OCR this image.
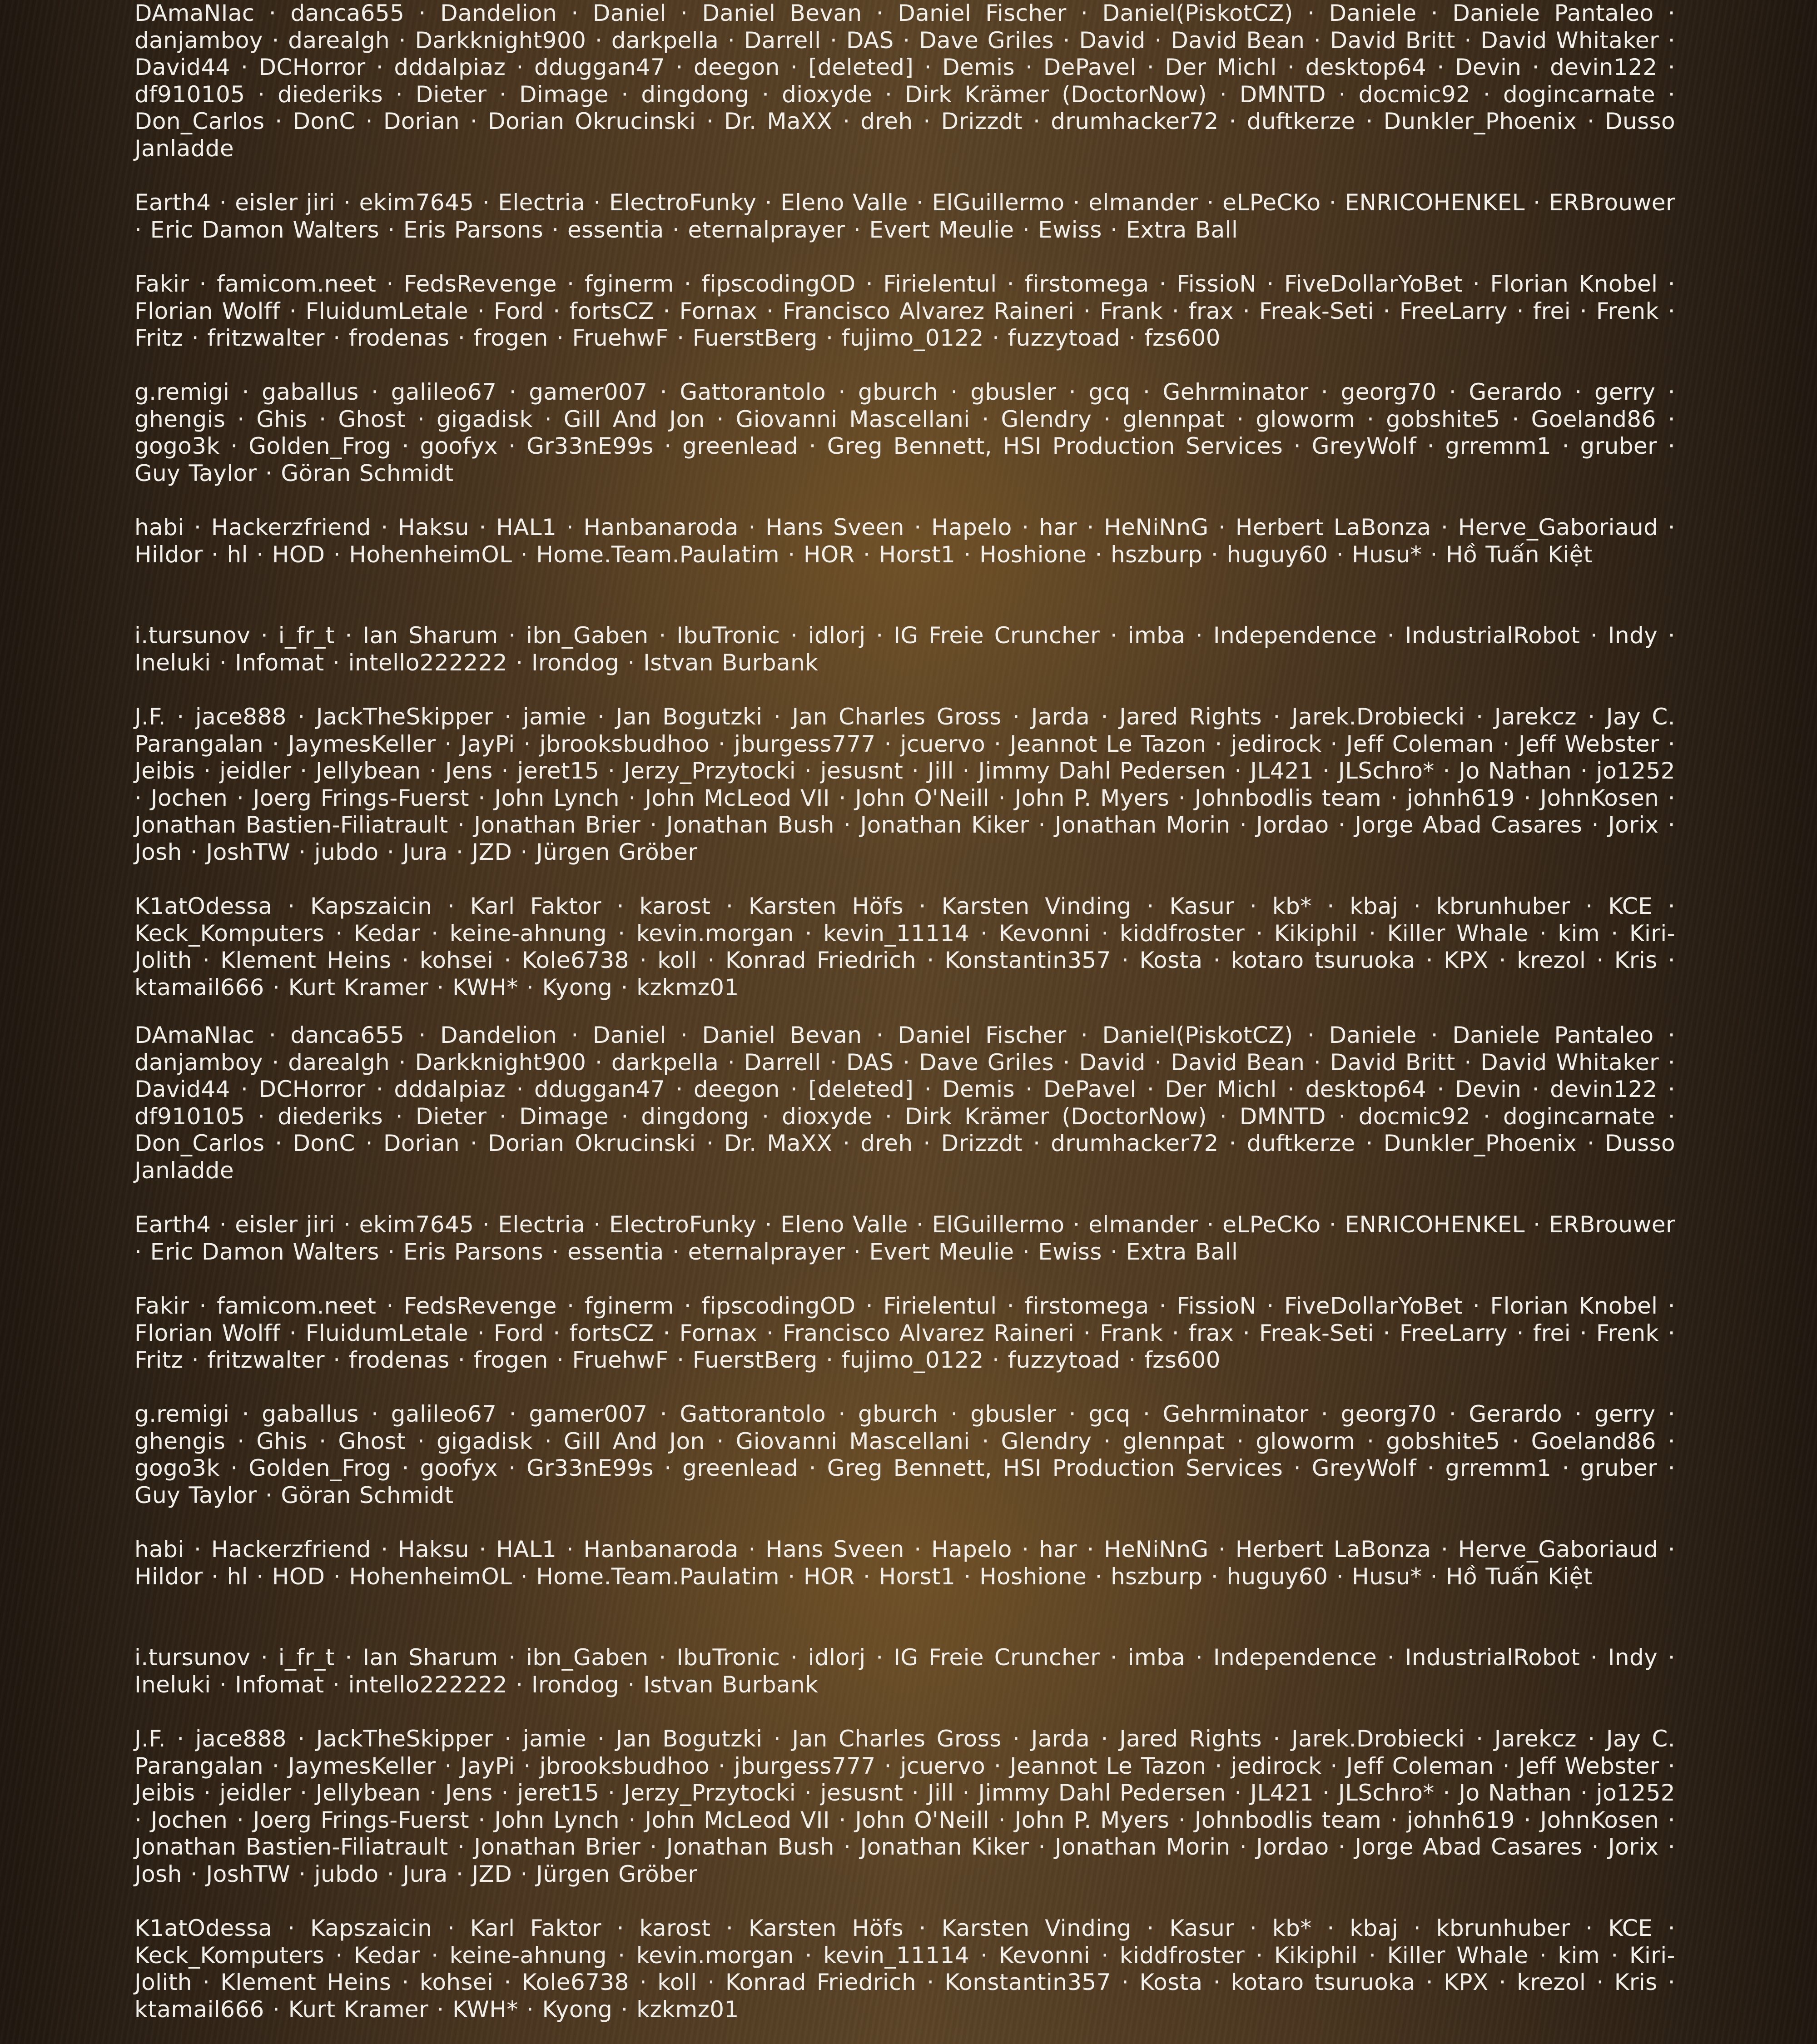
DAmaNIac · danca655 · Dandelion · Daniel · Daniel Bevan · Daniel Fischer · Daniel(PiskotCZ) · Daniele · Daniele Pantaleo · danjamboy · darealgh · Darkknight900 · darkpella · Darrell · DAS · Dave Griles · David · David Bean · David Britt · David Whitaker · David44 · DCHorror · dddalpiaz · dduggan47 · deegon · [deleted] · Demis · DePavel · Der Michl · desktop64 · Devin · devin122 · df910105 · diederiks · Dieter · Dimage · dingdong · dioxyde · Dirk Krämer (DoctorNow) · DMNTD · docmic92 · dogincarnate · Don_Carlos · DonC · Dorian · Dorian Okrucinski · Dr. MaXX · dreh · Drizzdt · drumhacker72 · duftkerze · Dunkler_Phoenix · Dusso Janladde
Earth4 · eisler jiri · ekim7645 · Electria · ElectroFunky · Eleno Valle · ElGuillermo · elmander · eLPeCKo · ENRICOHENKEL · ERBrouwer · Eric Damon Walters · Eris Parsons · essentia · eternalprayer · Evert Meulie · Ewiss · Extra Ball
Fakir · famicom.neet · FedsRevenge · fginerm · fipscodingOD · Firielentul · firstomega · FissioN · FiveDollarYoBet · Florian Knobel · Florian Wolff · FluidumLetale · Ford · fortsCZ · Fornax · Francisco Alvarez Raineri · Frank · frax · Freak-Seti · FreeLarry · frei · Frenk · Fritz · fritzwalter · frodenas · frogen · FruehwF · FuerstBerg · fujimo_0122 · fuzzytoad · fzs600
g.remigi · gaballus · galileo67 · gamer007 · Gattorantolo · gburch · gbusler · gcq · Gehrminator · georg70 · Gerardo · gerry · ghengis · Ghis · Ghost · gigadisk · Gill And Jon · Giovanni Mascellani · Glendry · glennpat · gloworm · gobshite5 · Goeland86 · gogo3k · Golden_Frog · goofyx · Gr33nE99s · greenlead · Greg Bennett, HSI Production Services · GreyWolf · grremm1 · gruber · Guy Taylor · Göran Schmidt
habi · Hackerzfriend · Haksu · HAL1 · Hanbanaroda · Hans Sveen · Hapelo · har · HeNiNnG · Herbert LaBonza · Herve_Gaboriaud · Hildor · hl · HOD · HohenheimOL · Home.Team.Paulatim · HOR · Horst1 · Hoshione · hszburp · huguy60 · Husu* · Hồ Tuấn Kiệt
i.tursunov · i_fr_t · Ian Sharum · ibn_Gaben · IbuTronic · idlorj · IG Freie Cruncher · imba · Independence · IndustrialRobot · Indy · Ineluki · Infomat · intello222222 · Irondog · Istvan Burbank
J.F. · jace888 · JackTheSkipper · jamie · Jan Bogutzki · Jan Charles Gross · Jarda · Jared Rights · Jarek.Drobiecki · Jarekcz · Jay C. Parangalan · JaymesKeller · JayPi · jbrooksbudhoo · jburgess777 · jcuervo · Jeannot Le Tazon · jedirock · Jeff Coleman · Jeff Webster · Jeibis · jeidler · Jellybean · Jens · jeret15 · Jerzy_Przytocki · jesusnt · Jill · Jimmy Dahl Pedersen · JL421 · JLSchro* · Jo Nathan · jo1252 · Jochen · Joerg Frings-Fuerst · John Lynch · John McLeod VII · John O'Neill · John P. Myers · Johnbodlis team · johnh619 · JohnKosen · Jonathan Bastien-Filiatrault · Jonathan Brier · Jonathan Bush · Jonathan Kiker · Jonathan Morin · Jordao · Jorge Abad Casares · Jorix · Josh · JoshTW · jubdo · Jura · JZD · Jürgen Gröber
K1atOdessa · Kapszaicin · Karl Faktor · karost · Karsten Höfs · Karsten Vinding · Kasur · kb* · kbaj · kbrunhuber · KCE · Keck_Komputers · Kedar · keine-ahnung · kevin.morgan · kevin_11114 · Kevonni · kiddfroster · Kikiphil · Killer Whale · kim · Kiri-Jolith · Klement Heins · kohsei · Kole6738 · koll · Konrad Friedrich · Konstantin357 · Kosta · kotaro tsuruoka · KPX · krezol · Kris · ktamail666 · Kurt Kramer · KWH* · Kyong · kzkmz01
DAmaNIac · danca655 · Dandelion · Daniel · Daniel Bevan · Daniel Fischer · Daniel(PiskotCZ) · Daniele · Daniele Pantaleo · danjamboy · darealgh · Darkknight900 · darkpella · Darrell · DAS · Dave Griles · David · David Bean · David Britt · David Whitaker · David44 · DCHorror · dddalpiaz · dduggan47 · deegon · [deleted] · Demis · DePavel · Der Michl · desktop64 · Devin · devin122 · df910105 · diederiks · Dieter · Dimage · dingdong · dioxyde · Dirk Krämer (DoctorNow) · DMNTD · docmic92 · dogincarnate · Don_Carlos · DonC · Dorian · Dorian Okrucinski · Dr. MaXX · dreh · Drizzdt · drumhacker72 · duftkerze · Dunkler_Phoenix · Dusso Janladde
Earth4 · eisler jiri · ekim7645 · Electria · ElectroFunky · Eleno Valle · ElGuillermo · elmander · eLPeCKo · ENRICOHENKEL · ERBrouwer · Eric Damon Walters · Eris Parsons · essentia · eternalprayer · Evert Meulie · Ewiss · Extra Ball
Fakir · famicom.neet · FedsRevenge · fginerm · fipscodingOD · Firielentul · firstomega · FissioN · FiveDollarYoBet · Florian Knobel · Florian Wolff · FluidumLetale · Ford · fortsCZ · Fornax · Francisco Alvarez Raineri · Frank · frax · Freak-Seti · FreeLarry · frei · Frenk · Fritz · fritzwalter · frodenas · frogen · FruehwF · FuerstBerg · fujimo_0122 · fuzzytoad · fzs600
g.remigi · gaballus · galileo67 · gamer007 · Gattorantolo · gburch · gbusler · gcq · Gehrminator · georg70 · Gerardo · gerry · ghengis · Ghis · Ghost · gigadisk · Gill And Jon · Giovanni Mascellani · Glendry · glennpat · gloworm · gobshite5 · Goeland86 · gogo3k · Golden_Frog · goofyx · Gr33nE99s · greenlead · Greg Bennett, HSI Production Services · GreyWolf · grremm1 · gruber · Guy Taylor · Göran Schmidt
habi · Hackerzfriend · Haksu · HAL1 · Hanbanaroda · Hans Sveen · Hapelo · har · HeNiNnG · Herbert LaBonza · Herve_Gaboriaud · Hildor · hl · HOD · HohenheimOL · Home.Team.Paulatim · HOR · Horst1 · Hoshione · hszburp · huguy60 · Husu* · Hồ Tuấn Kiệt
i.tursunov · i_fr_t · Ian Sharum · ibn_Gaben · IbuTronic · idlorj · IG Freie Cruncher · imba · Independence · IndustrialRobot · Indy · Ineluki · Infomat · intello222222 · Irondog · Istvan Burbank
J.F. · jace888 · JackTheSkipper · jamie · Jan Bogutzki · Jan Charles Gross · Jarda · Jared Rights · Jarek.Drobiecki · Jarekcz · Jay C. Parangalan · JaymesKeller · JayPi · jbrooksbudhoo · jburgess777 · jcuervo · Jeannot Le Tazon · jedirock · Jeff Coleman · Jeff Webster · Jeibis · jeidler · Jellybean · Jens · jeret15 · Jerzy_Przytocki · jesusnt · Jill · Jimmy Dahl Pedersen · JL421 · JLSchro* · Jo Nathan · jo1252 · Jochen · Joerg Frings-Fuerst · John Lynch · John McLeod VII · John O'Neill · John P. Myers · Johnbodlis team · johnh619 · JohnKosen · Jonathan Bastien-Filiatrault · Jonathan Brier · Jonathan Bush · Jonathan Kiker · Jonathan Morin · Jordao · Jorge Abad Casares · Jorix · Josh · JoshTW · jubdo · Jura · JZD · Jürgen Gröber
K1atOdessa · Kapszaicin · Karl Faktor · karost · Karsten Höfs · Karsten Vinding · Kasur · kb* · kbaj · kbrunhuber · KCE · Keck_Komputers · Kedar · keine-ahnung · kevin.morgan · kevin_11114 · Kevonni · kiddfroster · Kikiphil · Killer Whale · kim · Kiri-Jolith · Klement Heins · kohsei · Kole6738 · koll · Konrad Friedrich · Konstantin357 · Kosta · kotaro tsuruoka · KPX · krezol · Kris · ktamail666 · Kurt Kramer · KWH* · Kyong · kzkmz01
